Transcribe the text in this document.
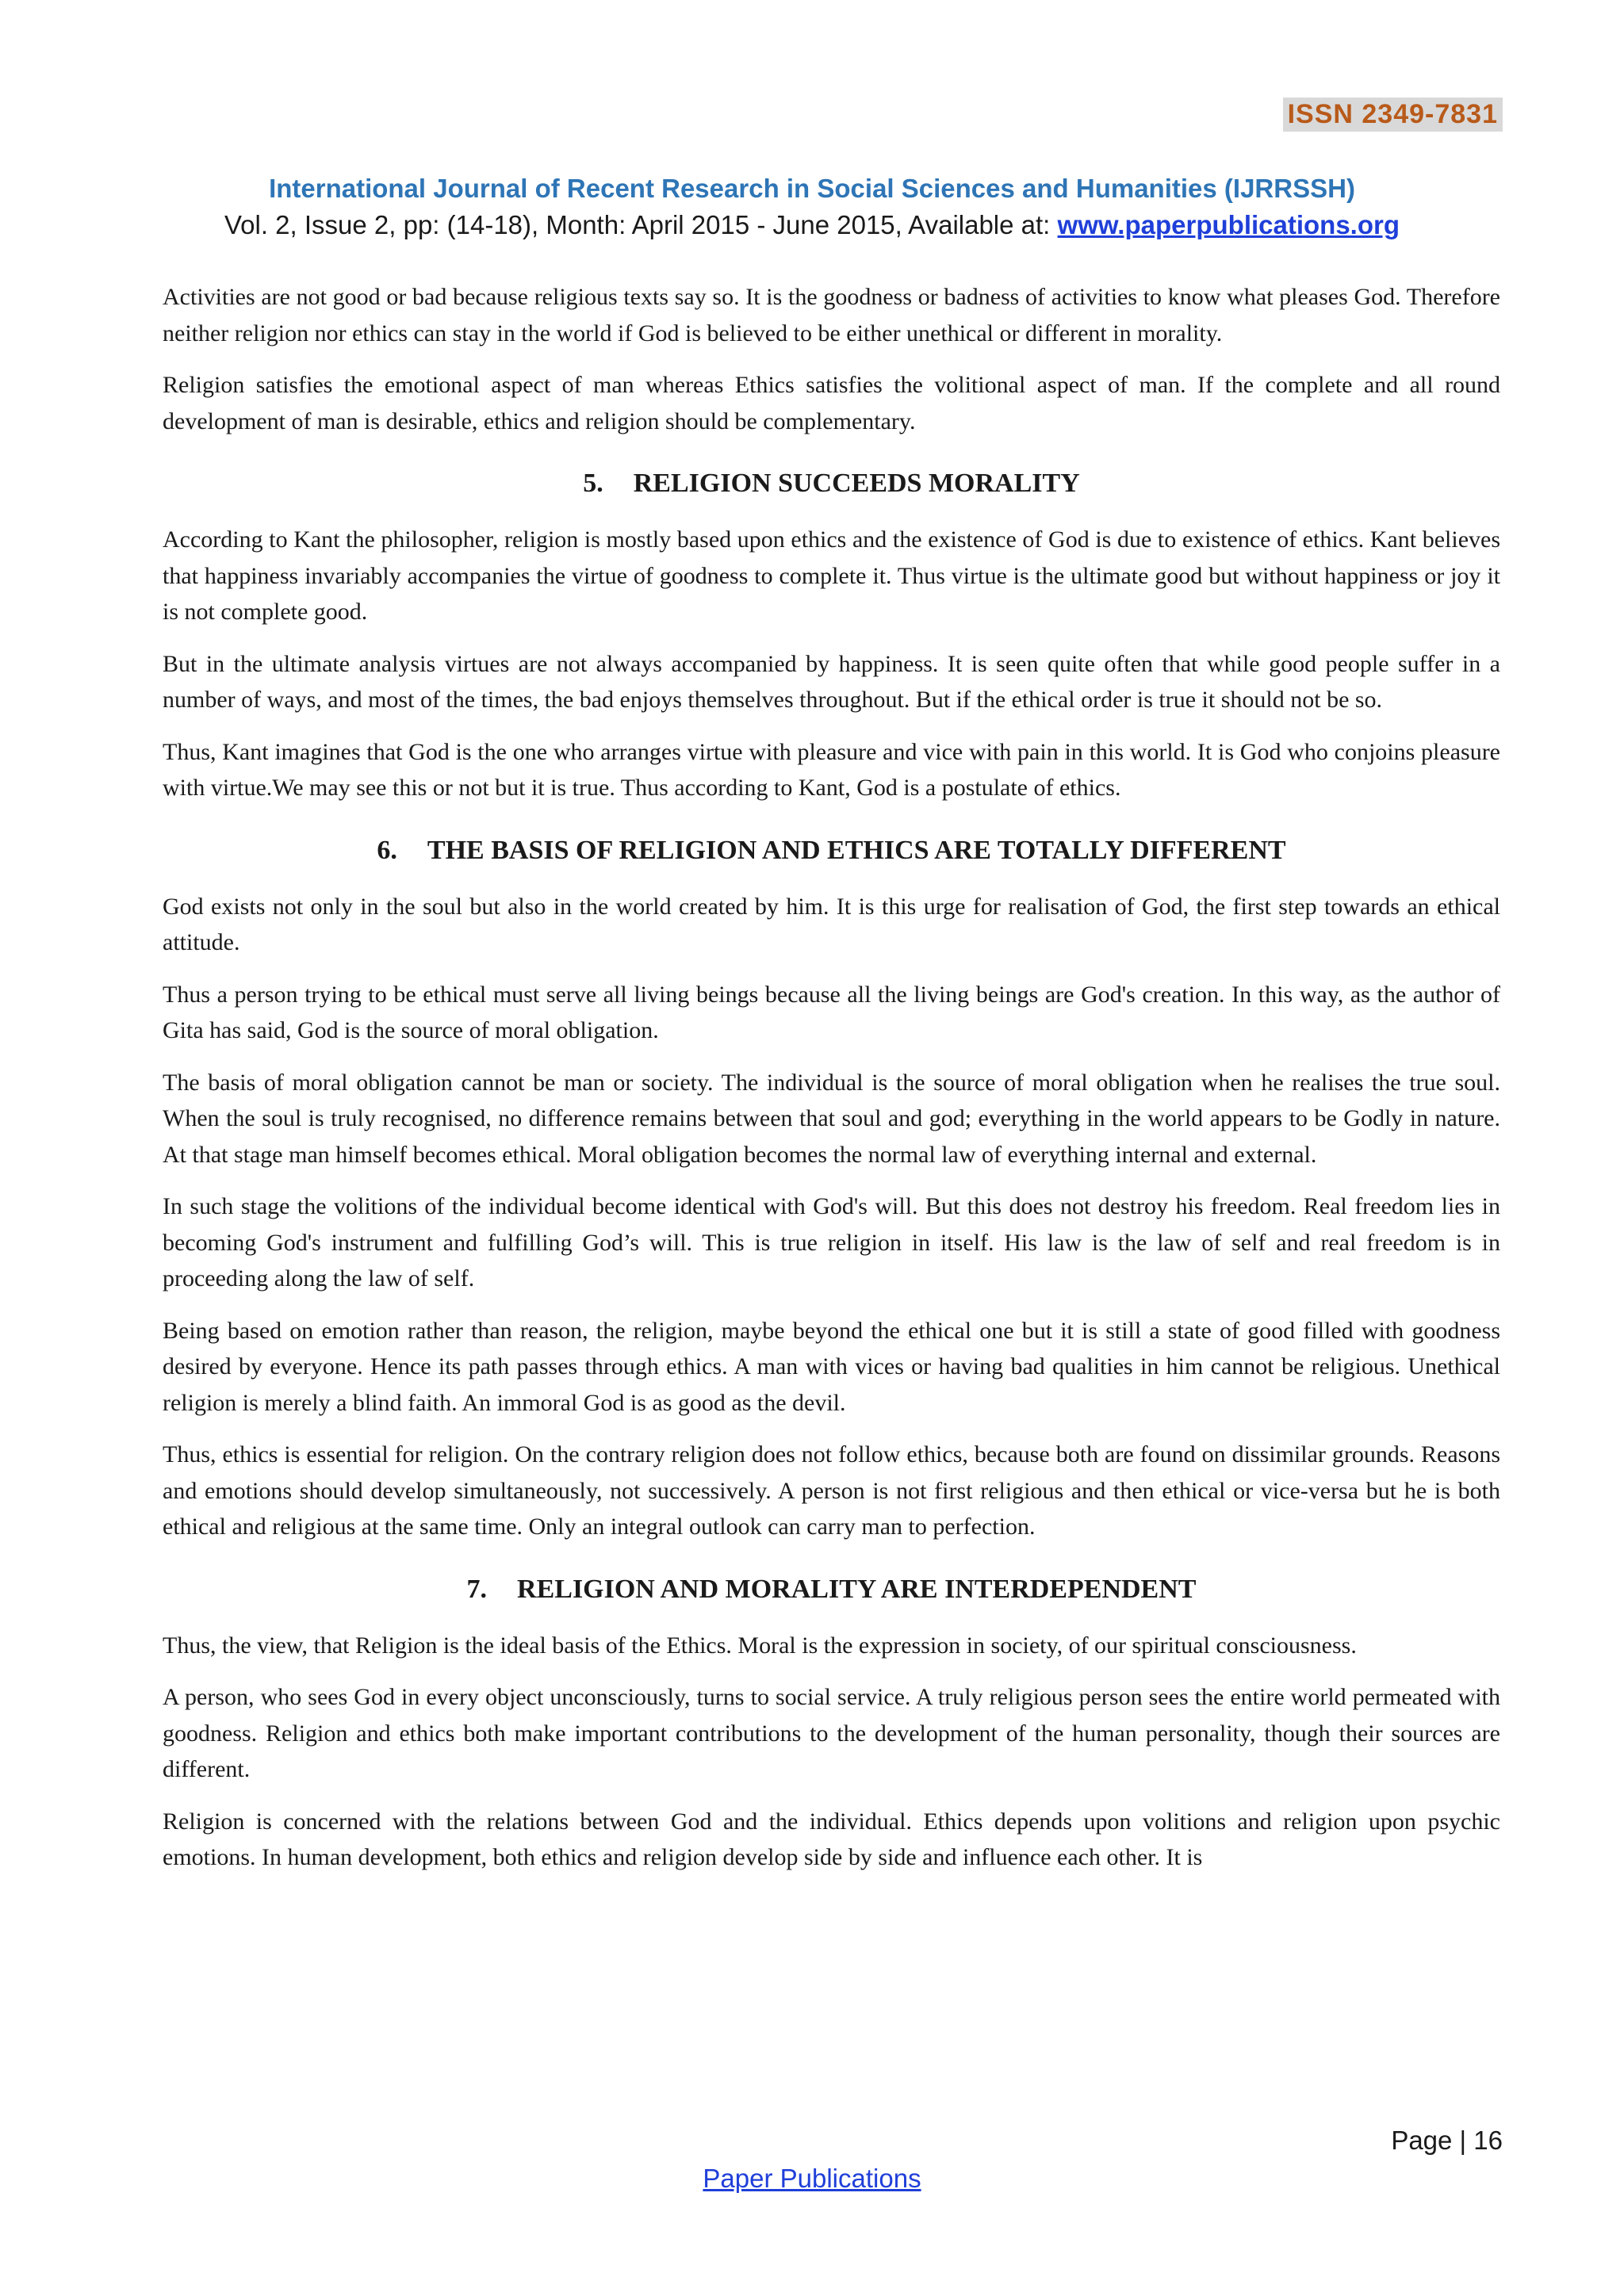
ISSN 2349-7831
International Journal of Recent Research in Social Sciences and Humanities (IJRRSSH)
Vol. 2, Issue 2, pp: (14-18), Month: April 2015 - June 2015, Available at: www.paperpublications.org

Activities are not good or bad because religious texts say so. It is the goodness or badness of activities to know what pleases God. Therefore neither religion nor ethics can stay in the world if God is believed to be either unethical or different in morality.

Religion satisfies the emotional aspect of man whereas Ethics satisfies the volitional aspect of man. If the complete and all round development of man is desirable, ethics and religion should be complementary.

5. RELIGION SUCCEEDS MORALITY

According to Kant the philosopher, religion is mostly based upon ethics and the existence of God is due to existence of ethics. Kant believes that happiness invariably accompanies the virtue of goodness to complete it. Thus virtue is the ultimate good but without happiness or joy it is not complete good.

But in the ultimate analysis virtues are not always accompanied by happiness. It is seen quite often that while good people suffer in a number of ways, and most of the times, the bad enjoys themselves throughout. But if the ethical order is true it should not be so.

Thus, Kant imagines that God is the one who arranges virtue with pleasure and vice with pain in this world. It is God who conjoins pleasure with virtue.We may see this or not but it is true. Thus according to Kant, God is a postulate of ethics.

6. THE BASIS OF RELIGION AND ETHICS ARE TOTALLY DIFFERENT

God exists not only in the soul but also in the world created by him. It is this urge for realisation of God, the first step towards an ethical attitude.

Thus a person trying to be ethical must serve all living beings because all the living beings are God's creation. In this way, as the author of Gita has said, God is the source of moral obligation.

The basis of moral obligation cannot be man or society. The individual is the source of moral obligation when he realises the true soul. When the soul is truly recognised, no difference remains between that soul and god; everything in the world appears to be Godly in nature. At that stage man himself becomes ethical. Moral obligation becomes the normal law of everything internal and external.

In such stage the volitions of the individual become identical with God's will. But this does not destroy his freedom. Real freedom lies in becoming God's instrument and fulfilling God’s will. This is true religion in itself. His law is the law of self and real freedom is in proceeding along the law of self.

Being based on emotion rather than reason, the religion, maybe beyond the ethical one but it is still a state of good filled with goodness desired by everyone. Hence its path passes through ethics. A man with vices or having bad qualities in him cannot be religious. Unethical religion is merely a blind faith. An immoral God is as good as the devil.

Thus, ethics is essential for religion. On the contrary religion does not follow ethics, because both are found on dissimilar grounds. Reasons and emotions should develop simultaneously, not successively. A person is not first religious and then ethical or vice-versa but he is both ethical and religious at the same time. Only an integral outlook can carry man to perfection.

7. RELIGION AND MORALITY ARE INTERDEPENDENT

Thus, the view, that Religion is the ideal basis of the Ethics. Moral is the expression in society, of our spiritual consciousness.

A person, who sees God in every object unconsciously, turns to social service. A truly religious person sees the entire world permeated with goodness. Religion and ethics both make important contributions to the development of the human personality, though their sources are different.

Religion is concerned with the relations between God and the individual. Ethics depends upon volitions and religion upon psychic emotions. In human development, both ethics and religion develop side by side and influence each other. It is

Page | 16
Paper Publications
